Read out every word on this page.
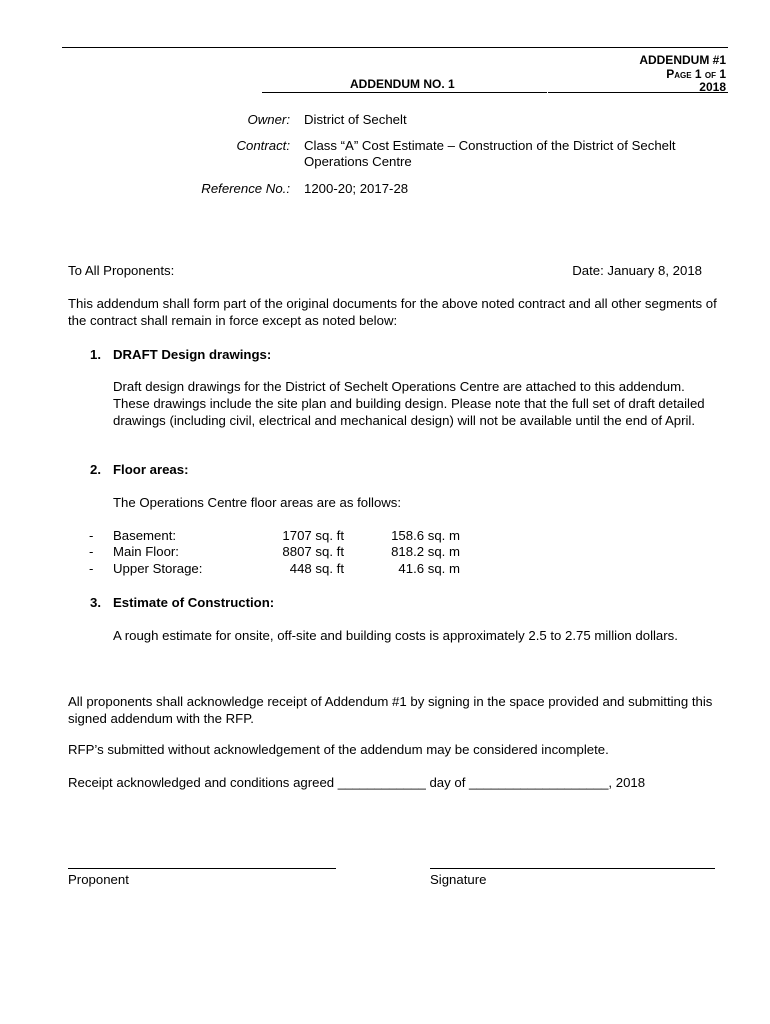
ADDENDUM #1
Page 1 of 1
2018
ADDENDUM NO. 1
Owner: District of Sechelt
Contract: Class “A” Cost Estimate – Construction of the District of Sechelt
Operations Centre
Reference No.: 1200-20; 2017-28
To All Proponents:	Date: January 8, 2018
This addendum shall form part of the original documents for the above noted contract and all other segments of the contract shall remain in force except as noted below:
1. DRAFT Design drawings:
Draft design drawings for the District of Sechelt Operations Centre are attached to this addendum. These drawings include the site plan and building design. Please note that the full set of draft detailed drawings (including civil, electrical and mechanical design) will not be available until the end of April.
2. Floor areas:
The Operations Centre floor areas are as follows:
- Basement:	1707 sq. ft	158.6 sq. m
- Main Floor:	8807 sq. ft	818.2 sq. m
- Upper Storage:	448 sq. ft	41.6 sq. m
3. Estimate of Construction:
A rough estimate for onsite, off-site and building costs is approximately 2.5 to 2.75 million dollars.
All proponents shall acknowledge receipt of Addendum #1 by signing in the space provided and submitting this signed addendum with the RFP.
RFP’s submitted without acknowledgement of the addendum may be considered incomplete.
Receipt acknowledged and conditions agreed ____________ day of ___________________, 2018
Proponent	Signature
